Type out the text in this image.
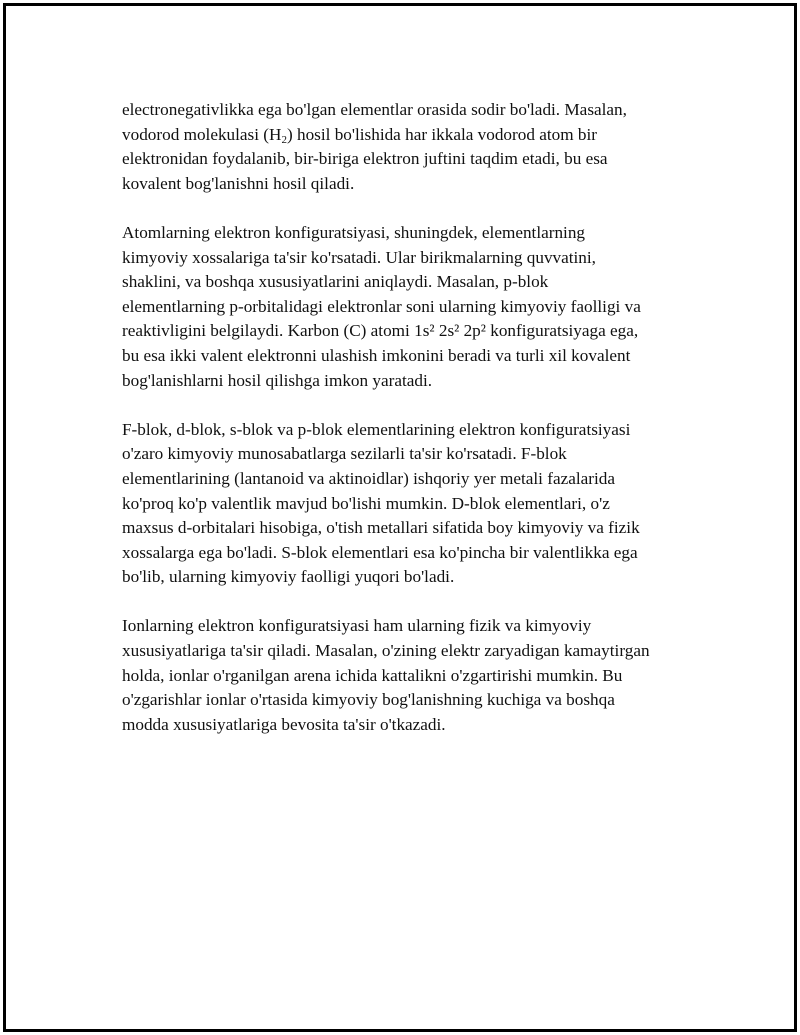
electronegativlikka ega bo'lgan elementlar orasida sodir bo'ladi. Masalan,
vodorod molekulasi $(H_2)$ hosil bo'lishida har ikkala vodorod atom bir
elektronidan foydalanib, bir-biriga elektron juftini taqdim etadi, bu esa
kovalent bog'lanishni hosil qiladi.

Atomlarning elektron konfiguratsiyasi, shuningdek, elementlarning
kimyoviy xossalariga ta'sir ko'rsatadi. Ular birikmalarning quvvatini,
shaklini, va boshqa xususiyatlarini aniqlaydi. Masalan, p-blok
elementlarning p-orbitalidagi elektronlar soni ularning kimyoviy faolligi va
reaktivligini belgilaydi. Karbon (C) atomi 1s² 2s² 2p² konfiguratsiyaga ega,
bu esa ikki valent elektronni ulashish imkonini beradi va turli xil kovalent
bog'lanishlarni hosil qilishga imkon yaratadi.

F-blok, d-blok, s-blok va p-blok elementlarining elektron konfiguratsiyasi
o'zaro kimyoviy munosabatlarga sezilarli ta'sir ko'rsatadi. F-blok
elementlarining (lantanoid va aktinoidlar) ishqoriy yer metali fazalarida
ko'proq ko'p valentlik mavjud bo'lishi mumkin. D-blok elementlari, o'z
maxsus d-orbitalari hisobiga, o'tish metallari sifatida boy kimyoviy va fizik
xossalarga ega bo'ladi. S-blok elementlari esa ko'pincha bir valentlikka ega
bo'lib, ularning kimyoviy faolligi yuqori bo'ladi.

Ionlarning elektron konfiguratsiyasi ham ularning fizik va kimyoviy
xususiyatlariga ta'sir qiladi. Masalan, o'zining elektr zaryadigan kamaytirgan
holda, ionlar o'rganilgan arena ichida kattalikni o'zgartirishi mumkin. Bu
o'zgarishlar ionlar o'rtasida kimyoviy bog'lanishning kuchiga va boshqa
modda xususiyatlariga bevosita ta'sir o'tkazadi.
